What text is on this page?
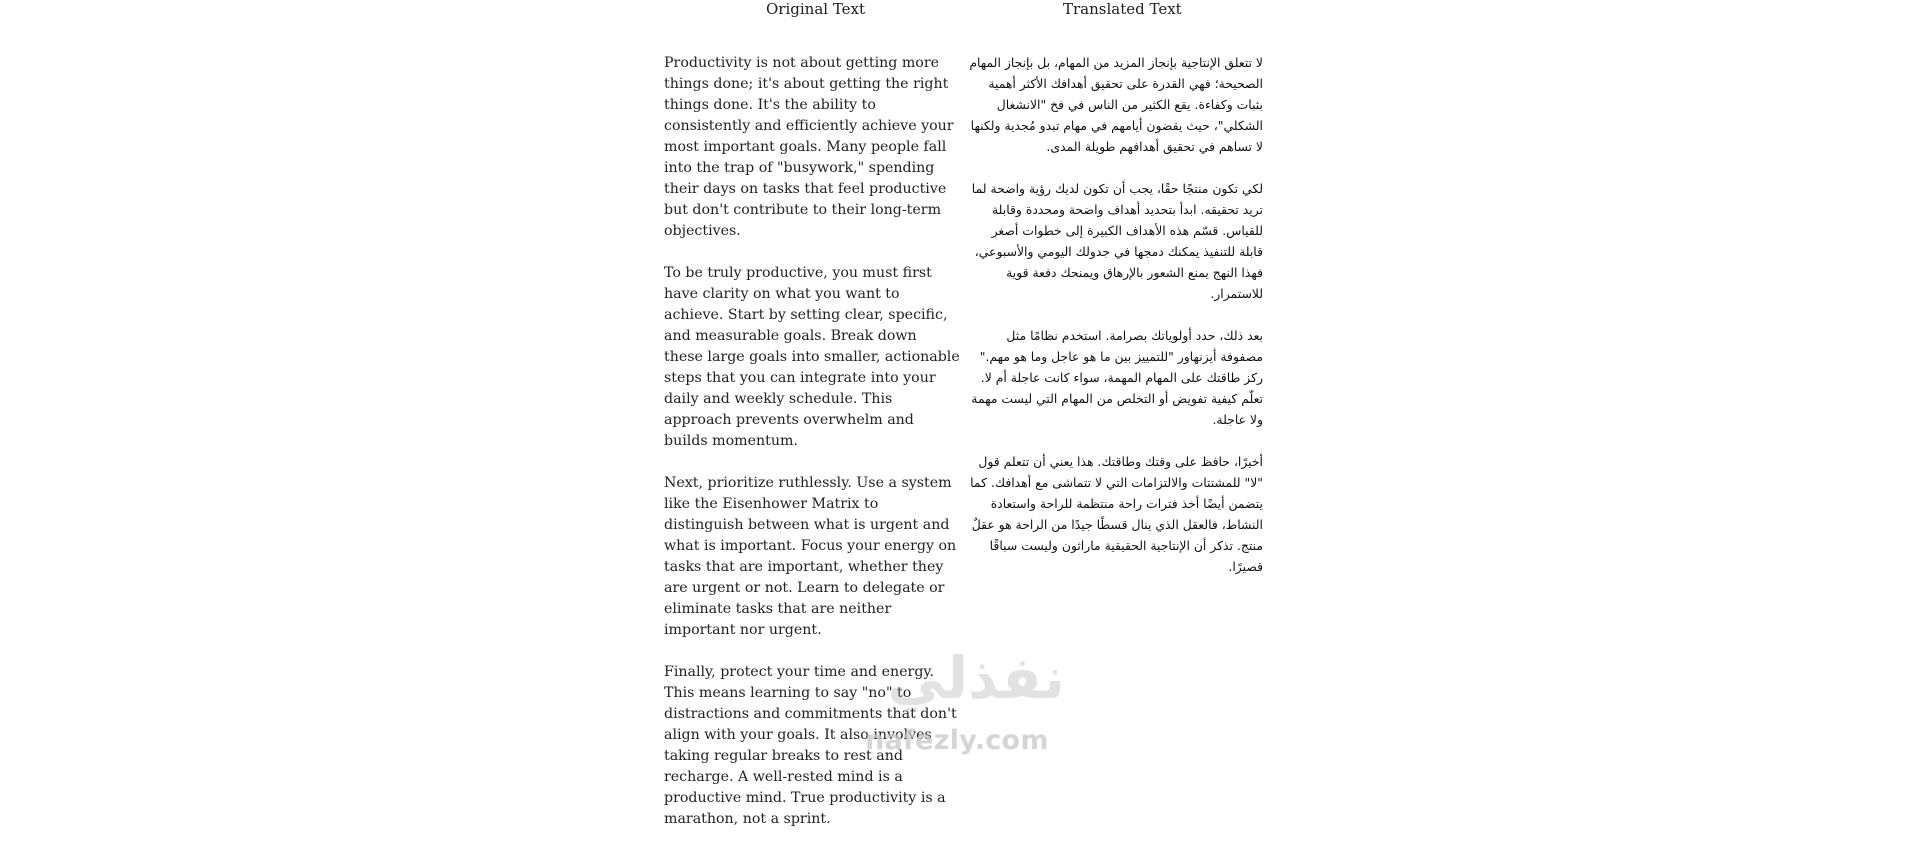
Original Text	Translated Text

Productivity is not about getting more things done; it's about getting the right things done. It's the ability to consistently and efficiently achieve your most important goals. Many people fall into the trap of "busywork," spending their days on tasks that feel productive but don't contribute to their long-term objectives.

To be truly productive, you must first have clarity on what you want to achieve. Start by setting clear, specific, and measurable goals. Break down these large goals into smaller, actionable steps that you can integrate into your daily and weekly schedule. This approach prevents overwhelm and builds momentum.

Next, prioritize ruthlessly. Use a system like the Eisenhower Matrix to distinguish between what is urgent and what is important. Focus your energy on tasks that are important, whether they are urgent or not. Learn to delegate or eliminate tasks that are neither important nor urgent.

Finally, protect your time and energy. This means learning to say "no" to distractions and commitments that don't align with your goals. It also involves taking regular breaks to rest and recharge. A well-rested mind is a productive mind. True productivity is a marathon, not a sprint.

لا تتعلق الإنتاجية بإنجاز المزيد من المهام، بل بإنجاز المهام الصحيحة؛ فهي القدرة على تحقيق أهدافك الأكثر أهمية بثبات وكفاءة. يقع الكثير من الناس في فخ "الانشغال الشكلي"، حيث يقضون أيامهم في مهام تبدو مُجدية ولكنها لا تساهم في تحقيق أهدافهم طويلة المدى.

لكي تكون منتجًا حقًا، يجب أن تكون لديك رؤية واضحة لما تريد تحقيقه. ابدأ بتحديد أهداف واضحة ومحددة وقابلة للقياس. قسّم هذه الأهداف الكبيرة إلى خطوات أصغر قابلة للتنفيذ يمكنك دمجها في جدولك اليومي والأسبوعي، فهذا النهج يمنع الشعور بالإرهاق ويمنحك دفعة قوية للاستمرار.

بعد ذلك، حدد أولوياتك بصرامة. استخدم نظامًا مثل مصفوفة أيزنهاور "للتمييز بين ما هو عاجل وما هو مهم." ركز طاقتك على المهام المهمة، سواء كانت عاجلة أم لا. تعلّم كيفية تفويض أو التخلص من المهام التي ليست مهمة ولا عاجلة.

أخيرًا، حافظ على وقتك وطاقتك. هذا يعني أن تتعلم قول "لا" للمشتتات والالتزامات التي لا تتماشى مع أهدافك. كما يتضمن أيضًا أخذ فترات راحة منتظمة للراحة واستعادة النشاط، فالعقل الذي ينال قسطًا جيدًا من الراحة هو عقلٌ منتج. تذكر أن الإنتاجية الحقيقية ماراثون وليست سباقًا قصيرًا.

نفذلي
nafezly.com
